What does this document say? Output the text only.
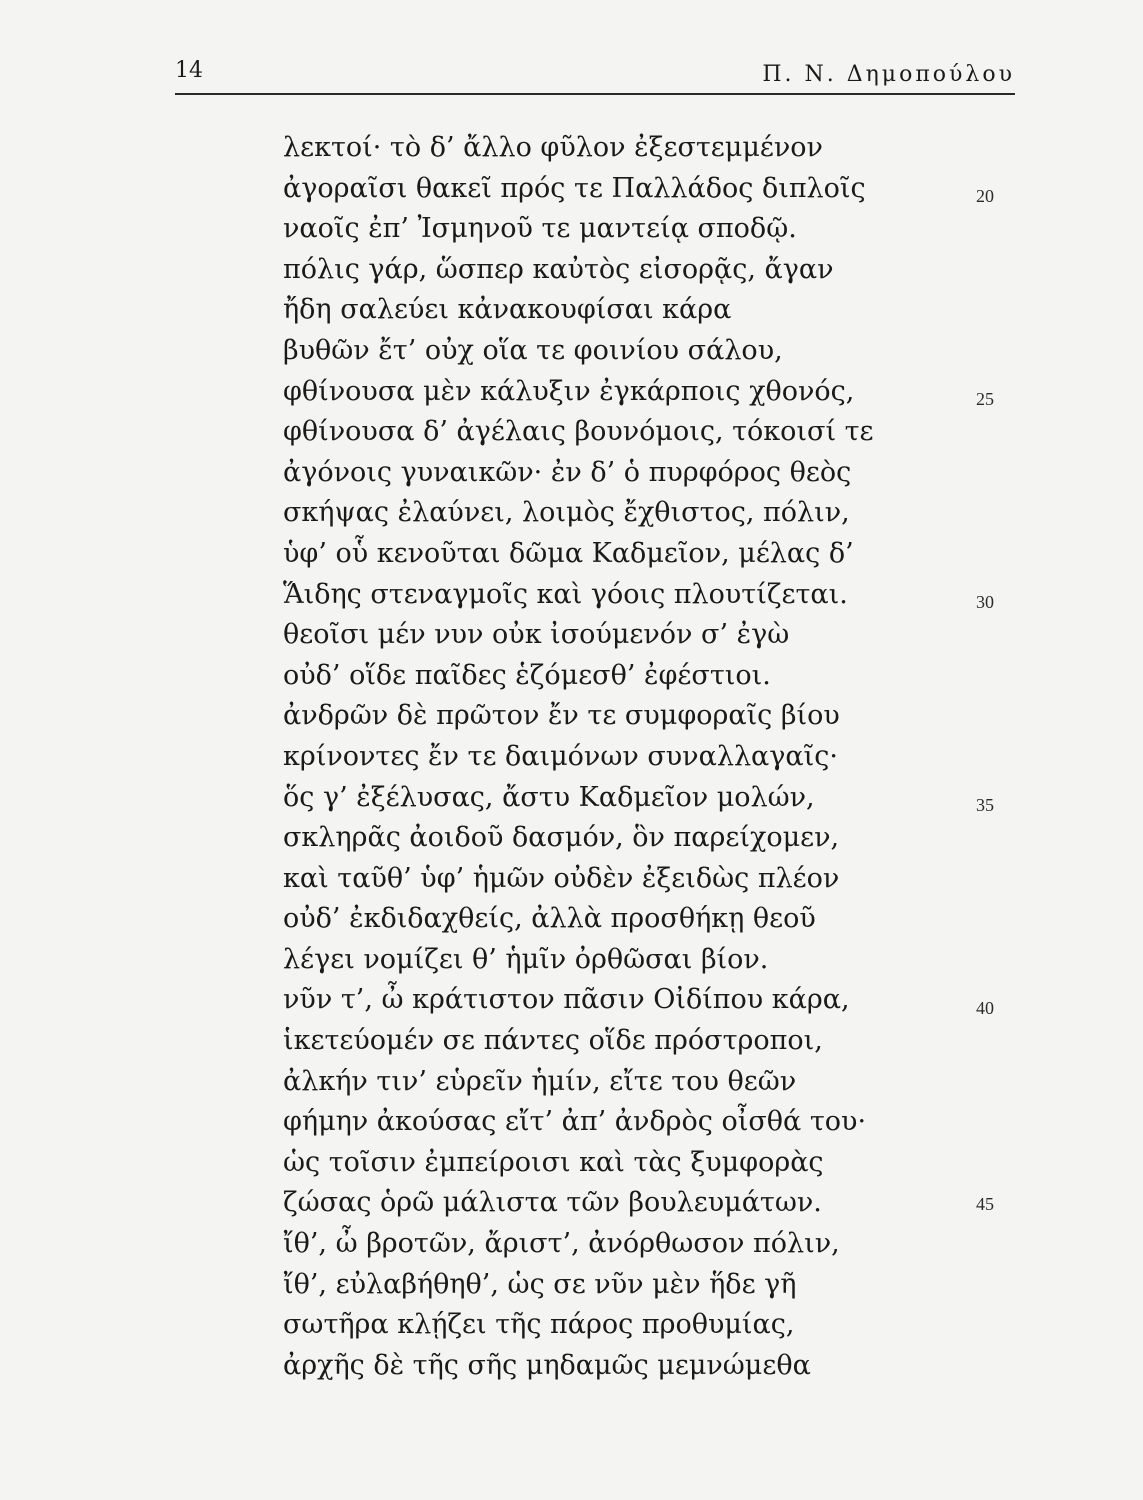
14	Π. Ν. Δημοπούλου
λεκτοί· τὸ δ’ ἄλλο φῦλον ἐξεστεμμένον
ἀγοραῖσι θακεῖ πρός τε Παλλάδος διπλοῖς
ναοῖς ἐπ’ Ἰσμηνοῦ τε μαντείᾳ σποδῷ.
πόλις γάρ, ὥσπερ καὐτὸς εἰσορᾷς, ἄγαν
ἤδη σαλεύει κἀνακουφίσαι κάρα
βυθῶν ἔτ’ οὐχ οἵα τε φοινίου σάλου,
φθίνουσα μὲν κάλυξιν ἐγκάρποις χθονός,
φθίνουσα δ’ ἀγέλαις βουνόμοις, τόκοισί τε
ἀγόνοις γυναικῶν· ἐν δ’ ὁ πυρφόρος θεὸς
σκήψας ἐλαύνει, λοιμὸς ἔχθιστος, πόλιν,
ὑφ’ οὗ κενοῦται δῶμα Καδμεῖον, μέλας δ’
Ἅιδης στεναγμοῖς καὶ γόοις πλουτίζεται.
θεοῖσι μέν νυν οὐκ ἰσούμενόν σ’ ἐγὼ
οὐδ’ οἵδε παῖδες ἑζόμεσθ’ ἐφέστιοι.
ἀνδρῶν δὲ πρῶτον ἔν τε συμφοραῖς βίου
κρίνοντες ἔν τε δαιμόνων συναλλαγαῖς·
ὅς γ’ ἐξέλυσας, ἄστυ Καδμεῖον μολών,
σκληρᾶς ἀοιδοῦ δασμόν, ὃν παρείχομεν,
καὶ ταῦθ’ ὑφ’ ἡμῶν οὐδὲν ἐξειδὼς πλέον
οὐδ’ ἐκδιδαχθείς, ἀλλὰ προσθήκῃ θεοῦ
λέγει νομίζει θ’ ἡμῖν ὀρθῶσαι βίον.
νῦν τ’, ὦ κράτιστον πᾶσιν Οἰδίπου κάρα,
ἱκετεύομέν σε πάντες οἵδε πρόστροποι,
ἀλκήν τιν’ εὑρεῖν ἡμίν, εἴτε του θεῶν
φήμην ἀκούσας εἴτ’ ἀπ’ ἀνδρὸς οἶσθά του·
ὡς τοῖσιν ἐμπείροισι καὶ τὰς ξυμφορὰς
ζώσας ὁρῶ μάλιστα τῶν βουλευμάτων.
ἴθ’, ὦ βροτῶν, ἄριστ’, ἀνόρθωσον πόλιν,
ἴθ’, εὐλαβήθηθ’, ὡς σε νῦν μὲν ἥδε γῆ
σωτῆρα κλῄζει τῆς πάρος προθυμίας,
ἀρχῆς δὲ τῆς σῆς μηδαμῶς μεμνώμεθα
20
25
30
35
40
45
